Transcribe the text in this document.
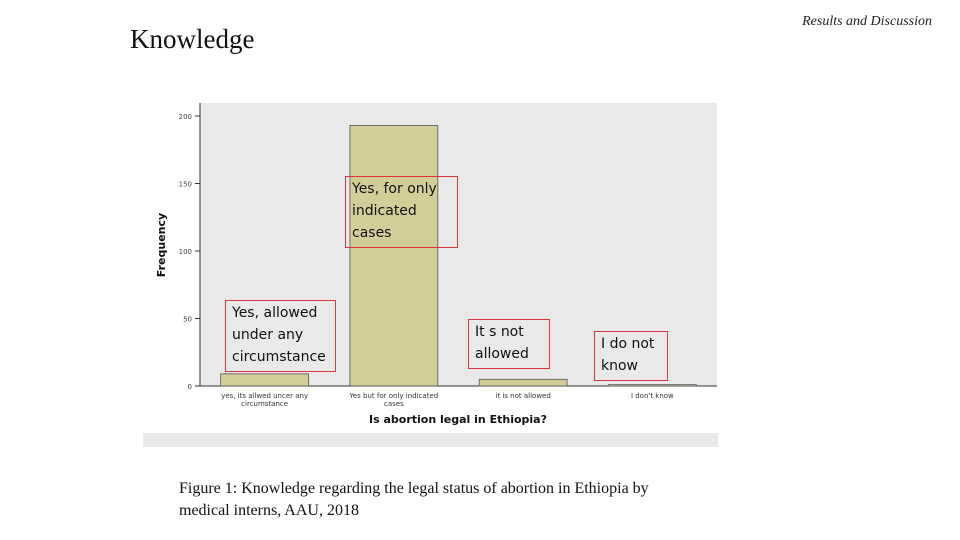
Results and Discussion
Knowledge
0
50
100
150
200
yes, its allwed uncer any circumstance
Yes but for only indicated cases
it is not allowed	I don't know
Frequency
Is abortion legal in Ethiopia?
Yes, allowed
under any
circumstance
Yes, for only
indicated
cases
It s not
allowed
I do not
know
Figure 1: Knowledge regarding the legal status of abortion in Ethiopia by medical interns, AAU, 2018
